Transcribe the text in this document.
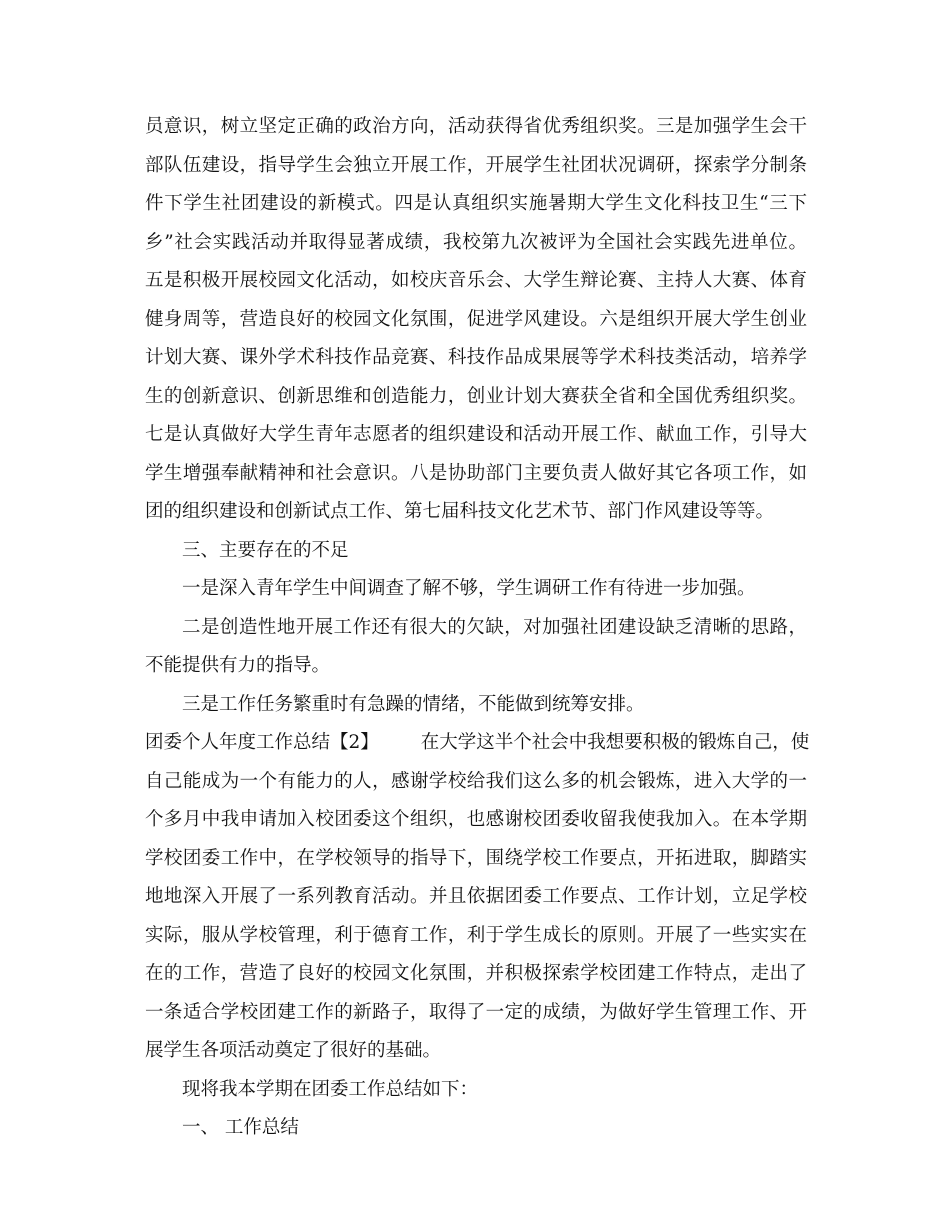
员意识，树立坚定正确的政治方向，活动获得省优秀组织奖。三是加强学生会干
部队伍建设，指导学生会独立开展工作，开展学生社团状况调研，探索学分制条
件下学生社团建设的新模式。四是认真组织实施暑期大学生文化科技卫生“三下
乡”社会实践活动并取得显著成绩，我校第九次被评为全国社会实践先进单位。
五是积极开展校园文化活动，如校庆音乐会、大学生辩论赛、主持人大赛、体育
健身周等，营造良好的校园文化氛围，促进学风建设。六是组织开展大学生创业
计划大赛、课外学术科技作品竞赛、科技作品成果展等学术科技类活动，培养学
生的创新意识、创新思维和创造能力，创业计划大赛获全省和全国优秀组织奖。
七是认真做好大学生青年志愿者的组织建设和活动开展工作、献血工作，引导大
学生增强奉献精神和社会意识。八是协助部门主要负责人做好其它各项工作，如
团的组织建设和创新试点工作、第七届科技文化艺术节、部门作风建设等等。
三、主要存在的不足
一是深入青年学生中间调查了解不够，学生调研工作有待进一步加强。
二是创造性地开展工作还有很大的欠缺，对加强社团建设缺乏清晰的思路，
不能提供有力的指导。
三是工作任务繁重时有急躁的情绪，不能做到统筹安排。
团委个人年度工作总结【2】 在大学这半个社会中我想要积极的锻炼自己，使
自己能成为一个有能力的人，感谢学校给我们这么多的机会锻炼，进入大学的一
个多月中我申请加入校团委这个组织，也感谢校团委收留我使我加入。在本学期
学校团委工作中，在学校领导的指导下，围绕学校工作要点，开拓进取，脚踏实
地地深入开展了一系列教育活动。并且依据团委工作要点、工作计划，立足学校
实际，服从学校管理，利于德育工作，利于学生成长的原则。开展了一些实实在
在的工作，营造了良好的校园文化氛围，并积极探索学校团建工作特点，走出了
一条适合学校团建工作的新路子，取得了一定的成绩，为做好学生管理工作、开
展学生各项活动奠定了很好的基础。
现将我本学期在团委工作总结如下：
一、 工作总结
